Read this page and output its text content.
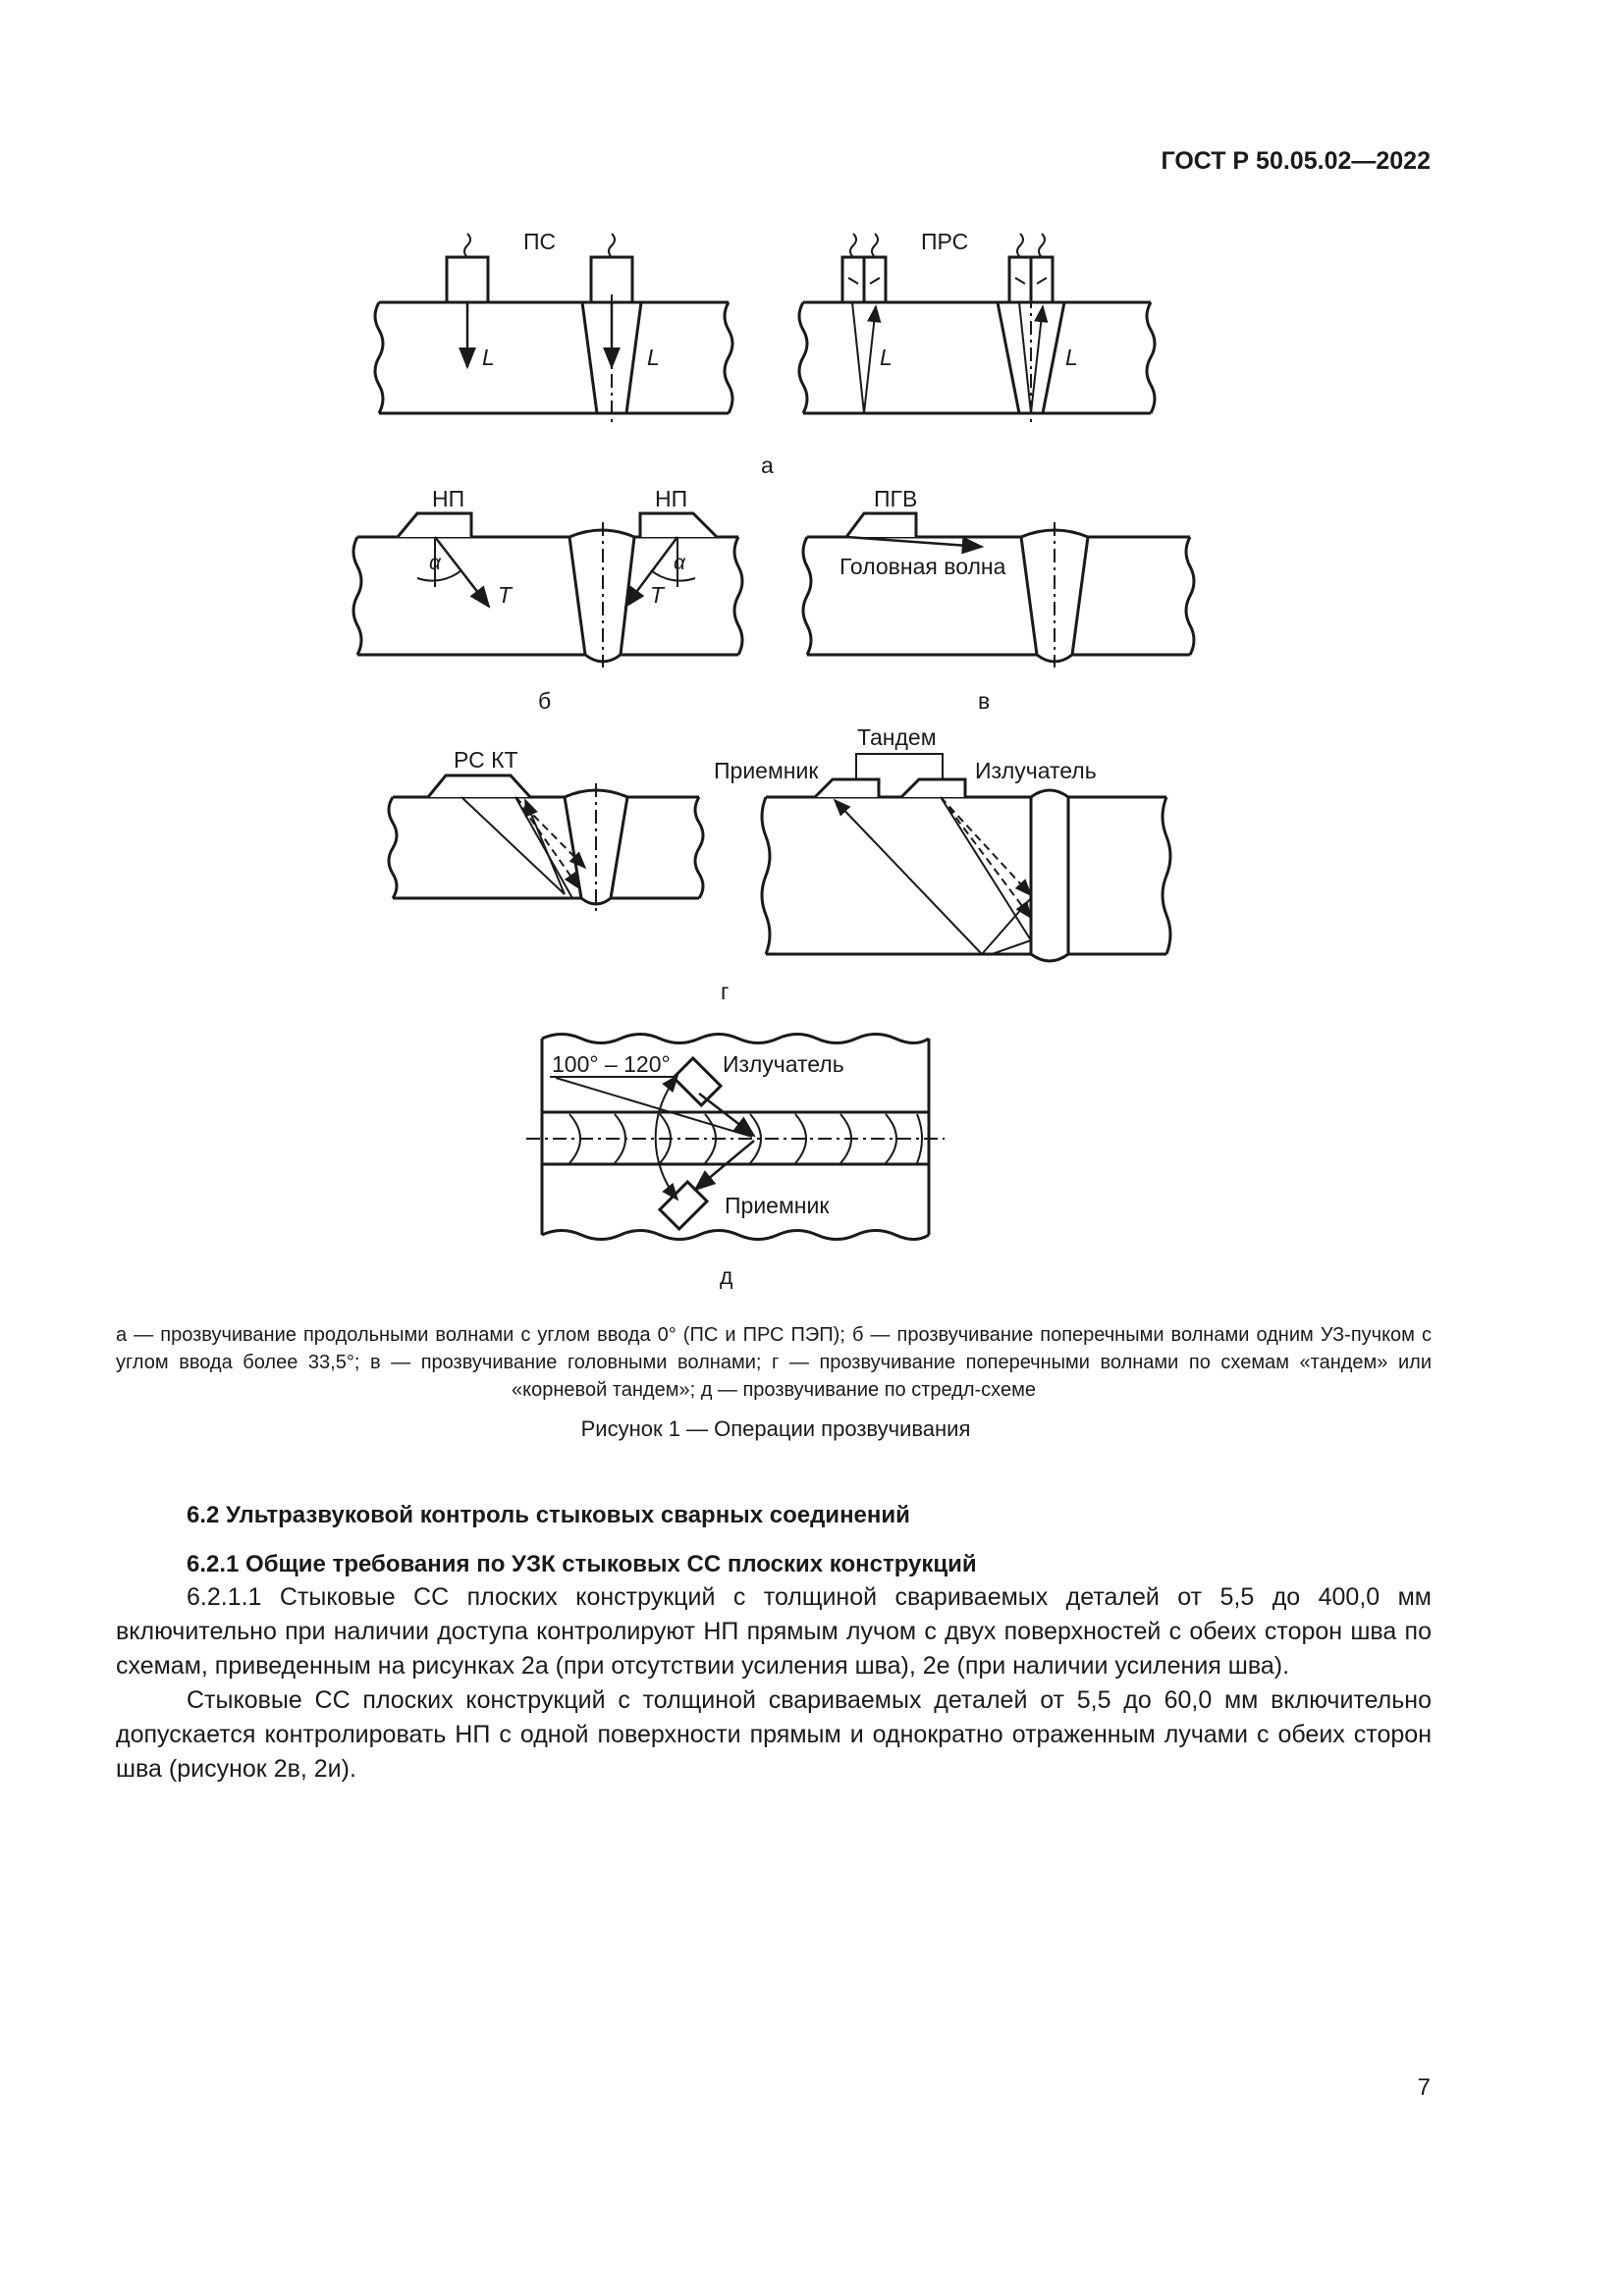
ГОСТ Р 50.05.02—2022
ПС	ПРС
L	L	L	L
а
НП	НП
α	α
T	T
б
ПГВ
Головная волна
в
РС КТ
Тандем
Приемник	Излучатель
г
100° – 120° Излучатель
Приемник
д
а — прозвучивание продольными волнами с углом ввода 0° (ПС и ПРС ПЭП); б — прозвучивание поперечными волнами одним УЗ-пучком с углом ввода более 33,5°; в — прозвучивание головными волнами; г — прозвучивание поперечными волнами по схемам «тандем» или «корневой тандем»; д — прозвучивание по стредл-схеме
Рисунок 1 — Операции прозвучивания
6.2 Ультразвуковой контроль стыковых сварных соединений
6.2.1 Общие требования по УЗК стыковых СС плоских конструкций

6.2.1.1 Стыковые СС плоских конструкций с толщиной свариваемых деталей от 5,5 до 400,0 мм включительно при наличии доступа контролируют НП прямым лучом с двух поверхностей с обеих сторон шва по схемам, приведенным на рисунках 2а (при отсутствии усиления шва), 2е (при наличии усиления шва).

Стыковые СС плоских конструкций с толщиной свариваемых деталей от 5,5 до 60,0 мм включительно допускается контролировать НП с одной поверхности прямым и однократно отраженным лучами с обеих сторон шва (рисунок 2в, 2и).

7
